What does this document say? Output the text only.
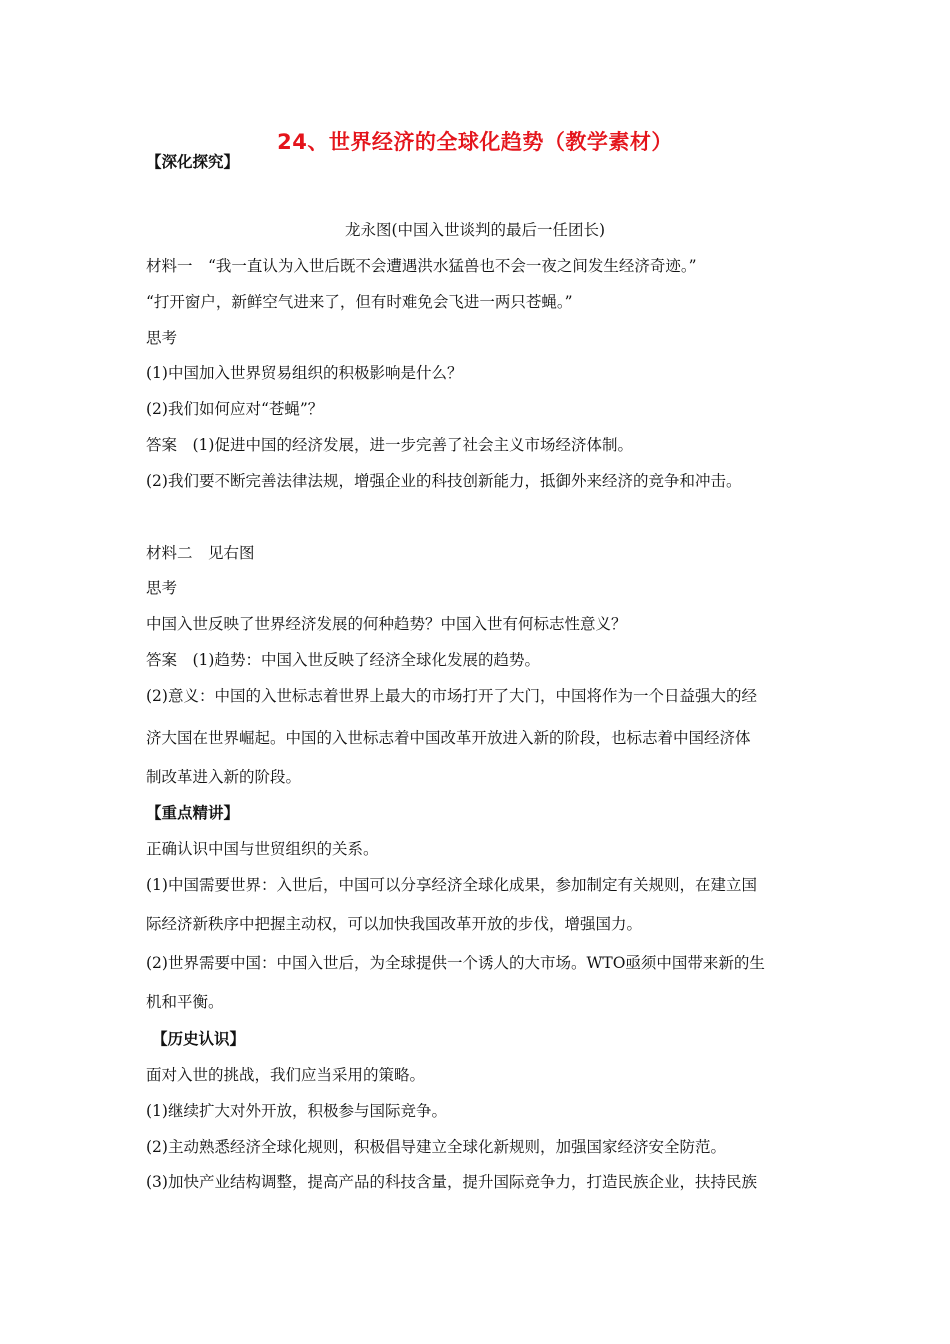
24、世界经济的全球化趋势（教学素材）
【深化探究】
龙永图(中国入世谈判的最后一任团长)
材料一　“我一直认为入世后既不会遭遇洪水猛兽也不会一夜之间发生经济奇迹。”
“打开窗户，新鲜空气进来了，但有时难免会飞进一两只苍蝇。”
思考
(1)中国加入世界贸易组织的积极影响是什么？
(2)我们如何应对“苍蝇”？
答案　(1)促进中国的经济发展，进一步完善了社会主义市场经济体制。
(2)我们要不断完善法律法规，增强企业的科技创新能力，抵御外来经济的竞争和冲击。
材料二　见右图
思考
中国入世反映了世界经济发展的何种趋势？中国入世有何标志性意义？
答案　(1)趋势：中国入世反映了经济全球化发展的趋势。
(2)意义：中国的入世标志着世界上最大的市场打开了大门，中国将作为一个日益强大的经
济大国在世界崛起。中国的入世标志着中国改革开放进入新的阶段，也标志着中国经济体
制改革进入新的阶段。
【重点精讲】
正确认识中国与世贸组织的关系。
(1)中国需要世界：入世后，中国可以分享经济全球化成果，参加制定有关规则，在建立国
际经济新秩序中把握主动权，可以加快我国改革开放的步伐，增强国力。
(2)世界需要中国：中国入世后，为全球提供一个诱人的大市场。WTO亟须中国带来新的生
机和平衡。
【历史认识】
面对入世的挑战，我们应当采用的策略。
(1)继续扩大对外开放，积极参与国际竞争。
(2)主动熟悉经济全球化规则，积极倡导建立全球化新规则，加强国家经济安全防范。
(3)加快产业结构调整，提高产品的科技含量，提升国际竞争力，打造民族企业，扶持民族
